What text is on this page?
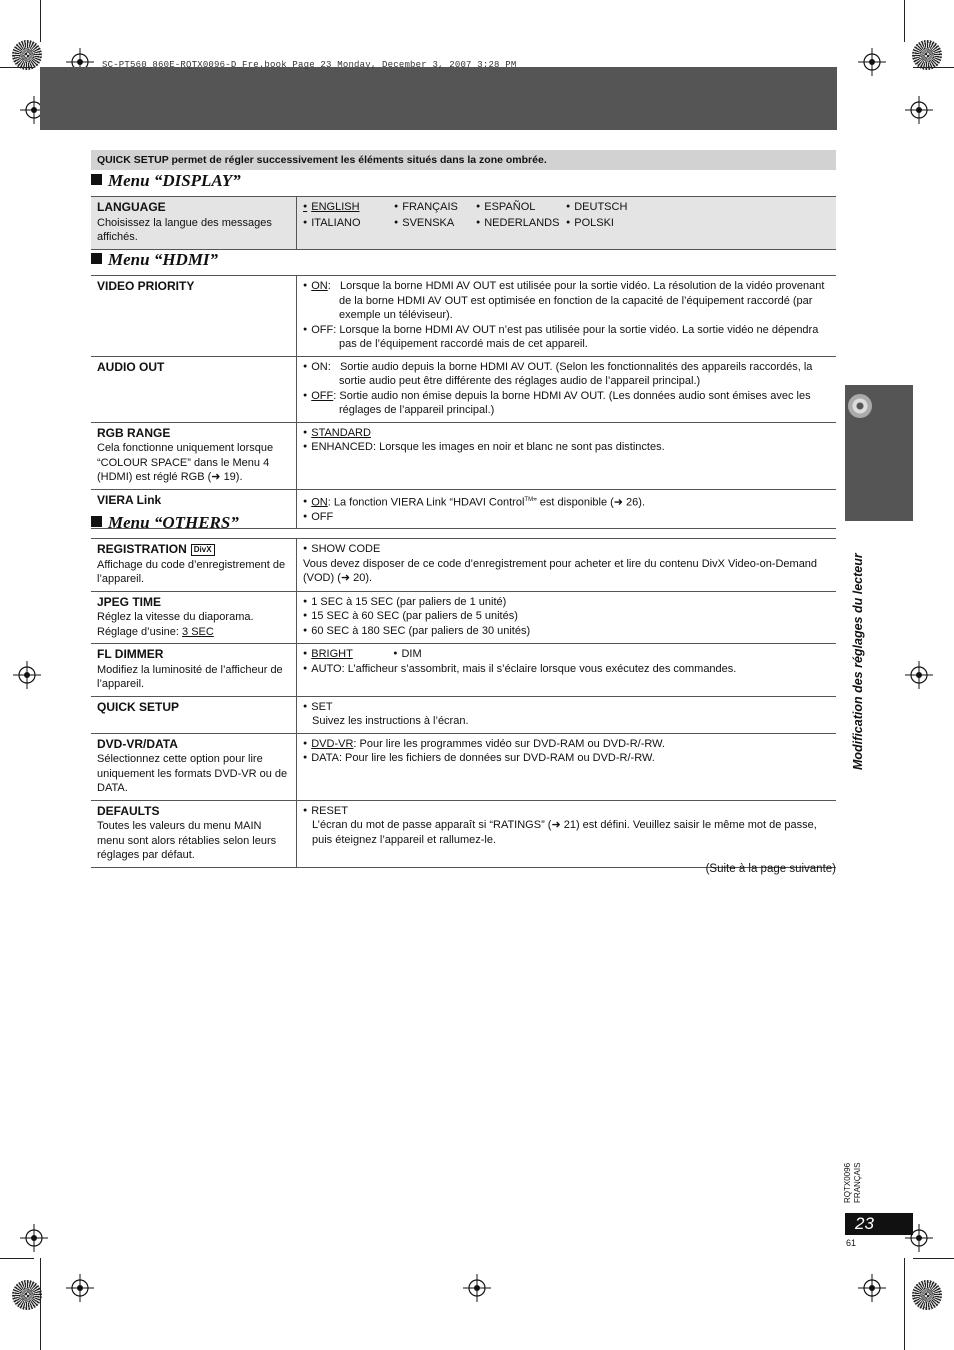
SC-PT560_860E-RQTX0096-D_Fre.book Page 23 Monday, December 3, 2007 3:28 PM
QUICK SETUP permet de régler successivement les éléments situés dans la zone ombrée.
Menu “DISPLAY”
LANGUAGE
Choisissez la langue des messages affichés.	
● ENGLISH	● FRANÇAIS	● ESPAÑOL	● DEUTSCH
● ITALIANO	● SVENSKA	● NEDERLANDS	● POLSKI
Menu “HDMI”
VIDEO PRIORITY

●ON:   Lorsque la borne HDMI AV OUT est utilisée pour la sortie vidéo. La résolution de la vidéo provenant de la borne HDMI AV OUT est optimisée en fonction de la capacité de l’équipement raccordé (par exemple un téléviseur).
● OFF: Lorsque la borne HDMI AV OUT n’est pas utilisée pour la sortie vidéo. La sortie vidéo ne dépendra pas de l’équipement raccordé mais de cet appareil.

AUDIO OUT

●ON:   Sortie audio depuis la borne HDMI AV OUT. (Selon les fonctionnalités des appareils raccordés, la sortie audio peut être différente des réglages audio de l’appareil principal.)
● OFF: Sortie audio non émise depuis la borne HDMI AV OUT. (Les données audio sont émises avec les réglages de l’appareil principal.)

RGB RANGE
Cela fonctionne uniquement lorsque “COLOUR SPACE” dans le Menu 4 (HDMI) est réglé RGB (➜ 19).	
● STANDARD
● ENHANCED: Lorsque les images en noir et blanc ne sont pas distinctes.

VIERA Link

●ON: La fonction VIERA Link “HDAVI Control™” est disponible (➜ 26).
● OFF
Menu “OTHERS”
REGISTRATION DivX
Affichage du code d’enregistrement de l’appareil.	
● SHOW CODE
Vous devez disposer de ce code d’enregistrement pour acheter et lire du contenu DivX Video-on-Demand (VOD) (➜ 20).

JPEG TIME
Réglez la vitesse du diaporama.
Réglage d’usine: 3 SEC	
● 1 SEC à 15 SEC (par paliers de 1 unité)
● 15 SEC à 60 SEC (par paliers de 5 unités)
● 60 SEC à 180 SEC (par paliers de 30 unités)

FL DIMMER
Modifiez la luminosité de l’afficheur de l’appareil.	
● BRIGHT ● DIM
● AUTO: L’afficheur s’assombrit, mais il s’éclaire lorsque vous exécutez des commandes.

QUICK SETUP

●SET
Suivez les instructions à l’écran.

DVD-VR/DATA
Sélectionnez cette option pour lire uniquement les formats DVD-VR ou de DATA.	
● DVD-VR: Pour lire les programmes vidéo sur DVD-RAM ou DVD-R/-RW.
● DATA: Pour lire les fichiers de données sur DVD-RAM ou DVD-R/-RW.

DEFAULTS
Toutes les valeurs du menu MAIN menu sont alors rétablies selon leurs réglages par défaut.	
● RESET
L’écran du mot de passe apparaît si “RATINGS” (➜ 21) est défini. Veuillez saisir le même mot de passe, puis éteignez l’appareil et rallumez-le.
(Suite à la page suivante)
Modification des réglages du lecteur
RQTX0096
FRANÇAIS
23
61
